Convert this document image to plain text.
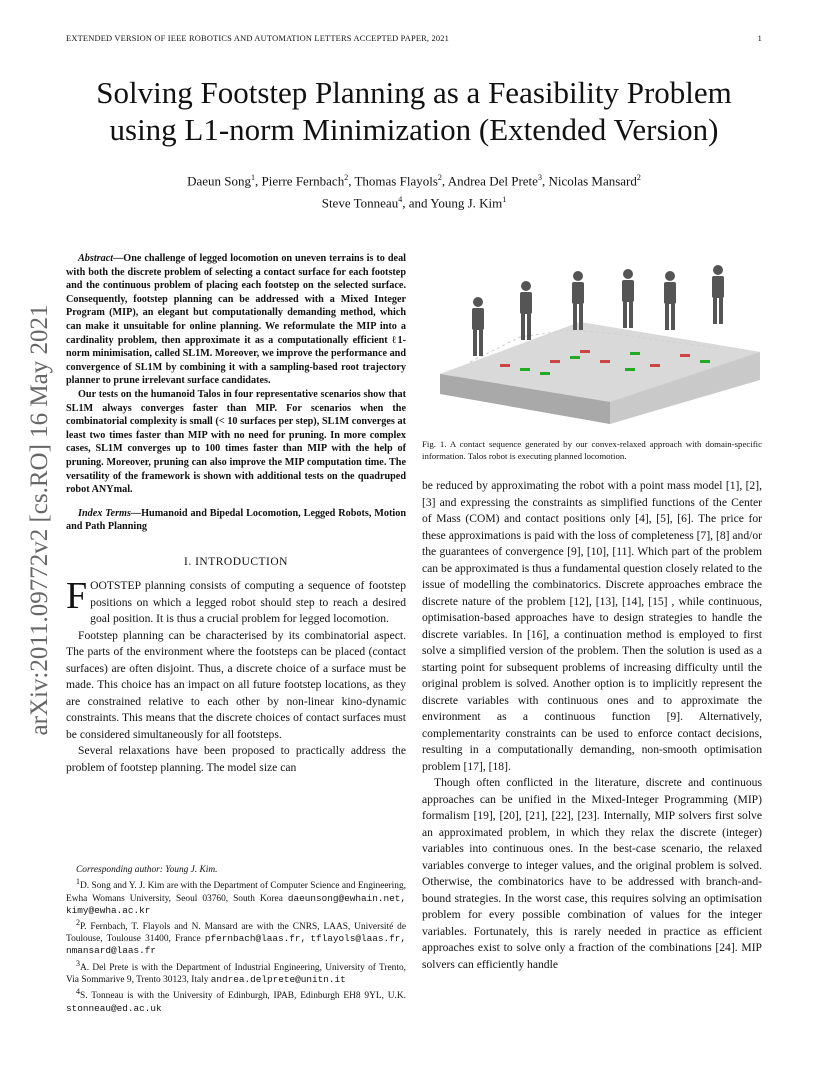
EXTENDED VERSION OF IEEE ROBOTICS AND AUTOMATION LETTERS ACCEPTED PAPER, 2021	1
arXiv:2011.09772v2 [cs.RO] 16 May 2021
Solving Footstep Planning as a Feasibility Problem
using L1-norm Minimization (Extended Version)
Daeun Song$^1$, Pierre Fernbach$^2$, Thomas Flayols$^2$, Andrea Del Prete$^3$, Nicolas Mansard$^2$
Steve Tonneau$^4$, and Young J. Kim$^1$

Abstract—One challenge of legged locomotion on uneven terrains is to deal with both the discrete problem of selecting a contact surface for each footstep and the continuous problem of placing each footstep on the selected surface. Consequently, footstep planning can be addressed with a Mixed Integer Program (MIP), an elegant but computationally demanding method, which can make it unsuitable for online planning. We reformulate the MIP into a cardinality problem, then approximate it as a computationally efficient ℓ1-norm minimisation, called SL1M. Moreover, we improve the performance and convergence of SL1M by combining it with a sampling-based root trajectory planner to prune irrelevant surface candidates.

Our tests on the humanoid Talos in four representative scenarios show that SL1M always converges faster than MIP. For scenarios when the combinatorial complexity is small (< 10 surfaces per step), SL1M converges at least two times faster than MIP with no need for pruning. In more complex cases, SL1M converges up to 100 times faster than MIP with the help of pruning. Moreover, pruning can also improve the MIP computation time. The versatility of the framework is shown with additional tests on the quadruped robot ANYmal.

Index Terms—Humanoid and Bipedal Locomotion, Legged Robots, Motion and Path Planning
I. INTRODUCTION

FOOTSTEP planning consists of computing a sequence of footstep positions on which a legged robot should step to reach a desired goal position. It is thus a crucial problem for legged locomotion.

Footstep planning can be characterised by its combinatorial aspect. The parts of the environment where the footsteps can be placed (contact surfaces) are often disjoint. Thus, a discrete choice of a surface must be made. This choice has an impact on all future footstep locations, as they are constrained relative to each other by non-linear kino-dynamic constraints. This means that the discrete choices of contact surfaces must be considered simultaneously for all footsteps.

Several relaxations have been proposed to practically address the problem of footstep planning. The model size can

Corresponding author: Young J. Kim.

$^1$D. Song and Y. J. Kim are with the Department of Computer Science and Engineering, Ewha Womans University, Seoul 03760, South Korea daeunsong@ewhain.net, kimy@ewha.ac.kr

$^2$P. Fernbach, T. Flayols and N. Mansard are with the CNRS, LAAS, Université de Toulouse, Toulouse 31400, France pfernbach@laas.fr, tflayols@laas.fr, nmansard@laas.fr

$^3$A. Del Prete is with the Department of Industrial Engineering, University of Trento, Via Sommarive 9, Trento 30123, Italy andrea.delprete@unitn.it

$^4$S. Tonneau is with the University of Edinburgh, IPAB, Edinburgh EH8 9YL, U.K. stonneau@ed.ac.uk

Fig. 1. A contact sequence generated by our convex-relaxed approach with domain-specific information. Talos robot is executing planned locomotion.

be reduced by approximating the robot with a point mass model [1], [2], [3] and expressing the constraints as simplified functions of the Center of Mass (COM) and contact positions only [4], [5], [6]. The price for these approximations is paid with the loss of completeness [7], [8] and/or the guarantees of convergence [9], [10], [11]. Which part of the problem can be approximated is thus a fundamental question closely related to the issue of modelling the combinatorics. Discrete approaches embrace the discrete nature of the problem [12], [13], [14], [15] , while continuous, optimisation-based approaches have to design strategies to handle the discrete variables. In [16], a continuation method is employed to first solve a simplified version of the problem. Then the solution is used as a starting point for subsequent problems of increasing difficulty until the original problem is solved. Another option is to implicitly represent the discrete variables with continuous ones and to approximate the environment as a continuous function [9]. Alternatively, complementarity constraints can be used to enforce contact decisions, resulting in a computationally demanding, non-smooth optimisation problem [17], [18].

Though often conflicted in the literature, discrete and continuous approaches can be unified in the Mixed-Integer Programming (MIP) formalism [19], [20], [21], [22], [23]. Internally, MIP solvers first solve an approximated problem, in which they relax the discrete (integer) variables into continuous ones. In the best-case scenario, the relaxed variables converge to integer values, and the original problem is solved. Otherwise, the combinatorics have to be addressed with branch-and-bound strategies. In the worst case, this requires solving an optimisation problem for every possible combination of values for the integer variables. Fortunately, this is rarely needed in practice as efficient approaches exist to solve only a fraction of the combinations [24]. MIP solvers can efficiently handle
